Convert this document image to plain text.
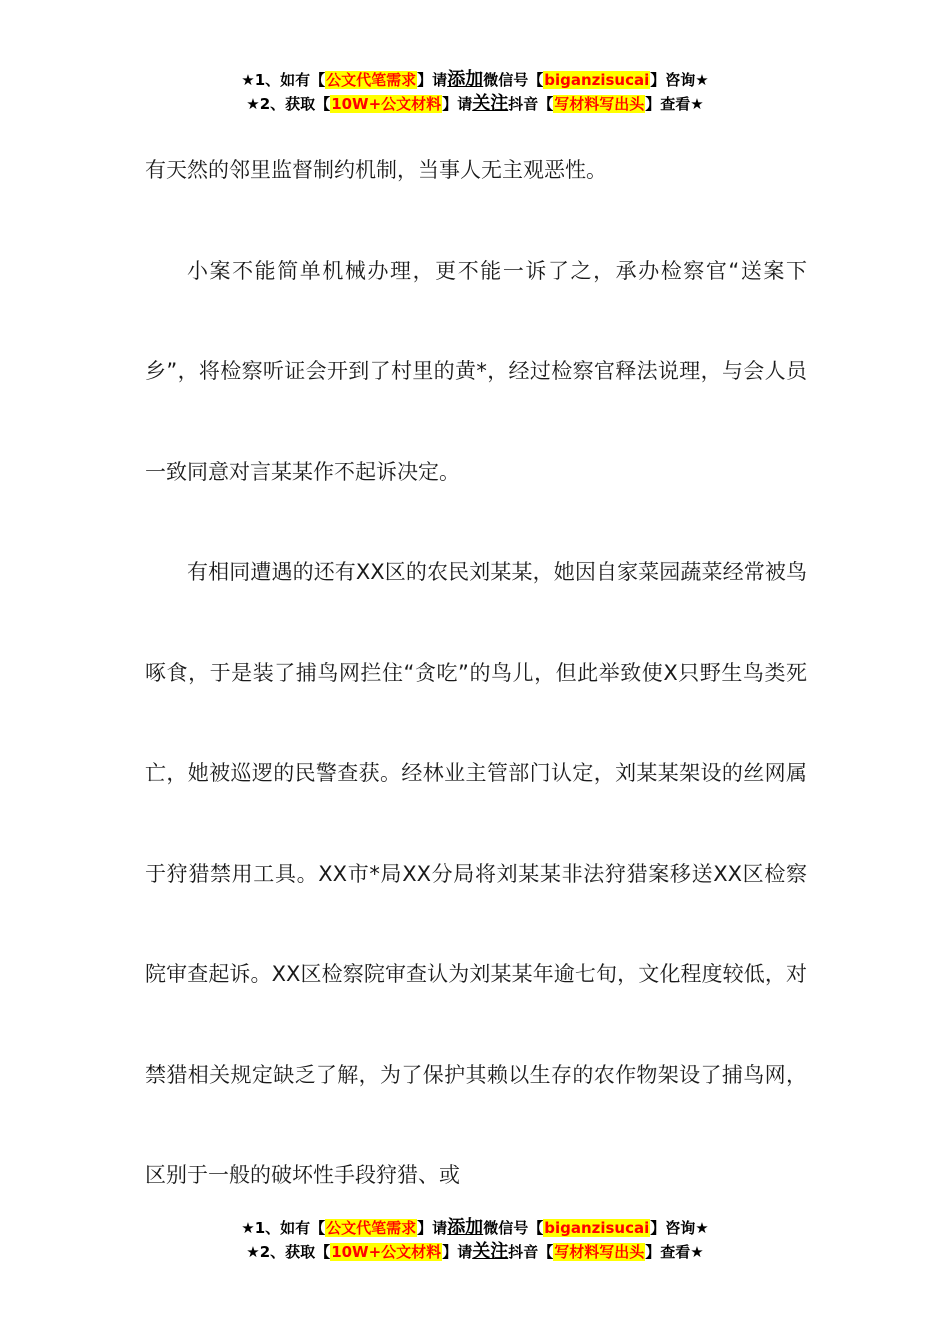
★1、如有【公文代笔需求】请添加微信号【biganzisucai】咨询★
★2、获取【10W+公文材料】请关注抖音【写材料写出头】查看★

有天然的邻里监督制约机制，当事人无主观恶性。

小案不能简单机械办理，更不能一诉了之，承办检察官“送案下乡”，将检察听证会开到了村里的黄*，经过检察官释法说理，与会人员一致同意对言某某作不起诉决定。

有相同遭遇的还有XX区的农民刘某某，她因自家菜园蔬菜经常被鸟啄食，于是装了捕鸟网拦住“贪吃”的鸟儿，但此举致使X只野生鸟类死亡，她被巡逻的民警查获。经林业主管部门认定，刘某某架设的丝网属于狩猎禁用工具。XX市*局XX分局将刘某某非法狩猎案移送XX区检察院审查起诉。XX区检察院审查认为刘某某年逾七旬，文化程度较低，对禁猎相关规定缺乏了解，为了保护其赖以生存的农作物架设了捕鸟网，区别于一般的破坏性手段狩猎、或

★1、如有【公文代笔需求】请添加微信号【biganzisucai】咨询★
★2、获取【10W+公文材料】请关注抖音【写材料写出头】查看★
